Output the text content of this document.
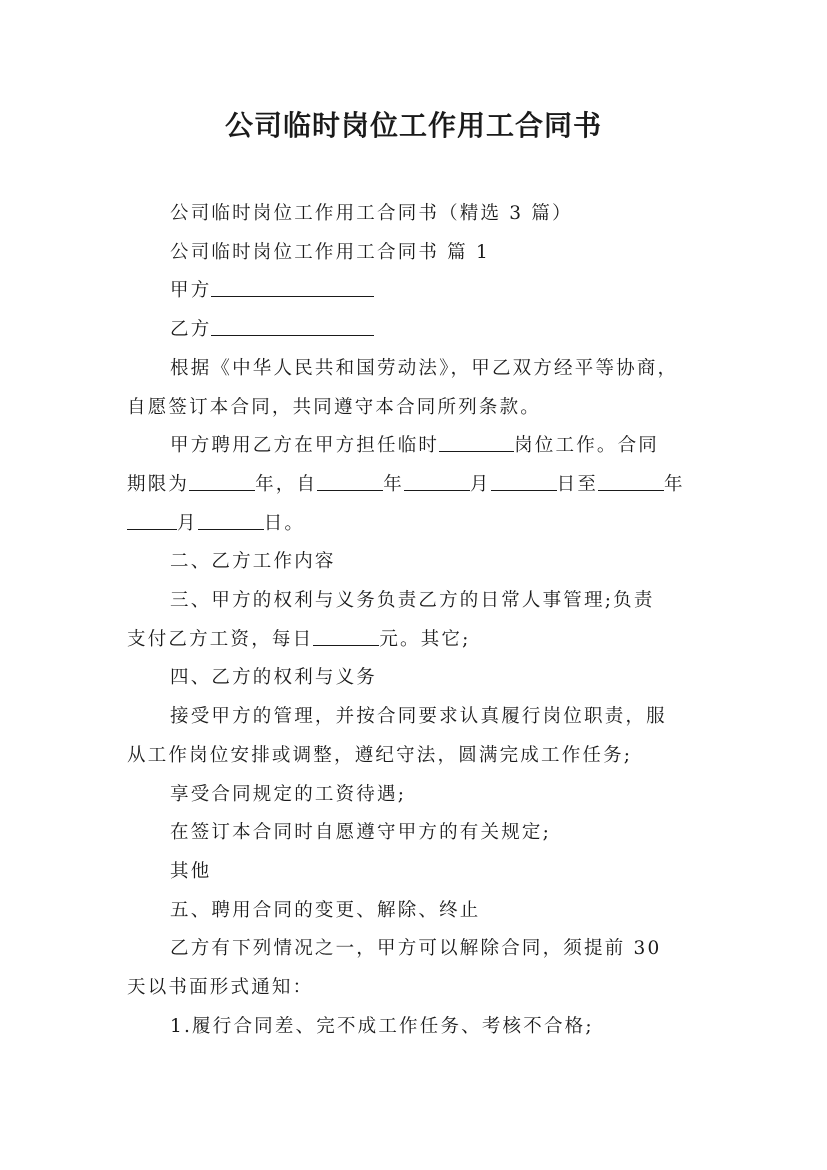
公司临时岗位工作用工合同书

公司临时岗位工作用工合同书（精选 3 篇）

公司临时岗位工作用工合同书 篇 1

甲方

乙方

根据《中华人民共和国劳动法》，甲乙双方经平等协商，

自愿签订本合同，共同遵守本合同所列条款。

甲方聘用乙方在甲方担任临时	岗位工作。合同

期限为	年，自	年	月	日至	年

月	日。

二、乙方工作内容

三、甲方的权利与义务负责乙方的日常人事管理;负责

支付乙方工资，每日	元。其它;

四、乙方的权利与义务

接受甲方的管理，并按合同要求认真履行岗位职责，服

从工作岗位安排或调整，遵纪守法，圆满完成工作任务;

享受合同规定的工资待遇;

在签订本合同时自愿遵守甲方的有关规定;

其他

五、聘用合同的变更、解除、终止

乙方有下列情况之一，甲方可以解除合同，须提前 30

天以书面形式通知：

1.履行合同差、完不成工作任务、考核不合格;
